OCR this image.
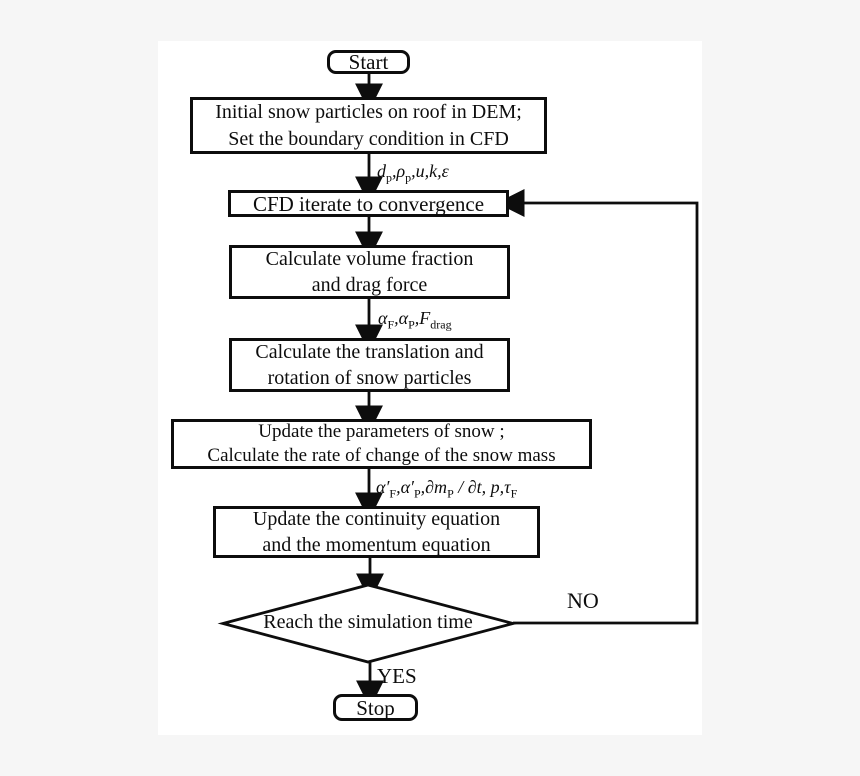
Start
Initial snow particles on roof in DEM;
Set the boundary condition in CFD
$d_p,\rho_p,u,k,\varepsilon$
CFD iterate to convergence
Calculate volume fraction
and drag force
$\alpha_F,\alpha_P,F_{drag}$
Calculate the translation and
rotation of snow particles
Update the parameters of snow ;
Calculate the rate of change of the snow mass
$\alpha'_F,\alpha'_P,\partial m_P / \partial t$, $p,\tau_F$
Update the continuity equation
and the momentum equation
Reach the simulation time
NO
YES
Stop
